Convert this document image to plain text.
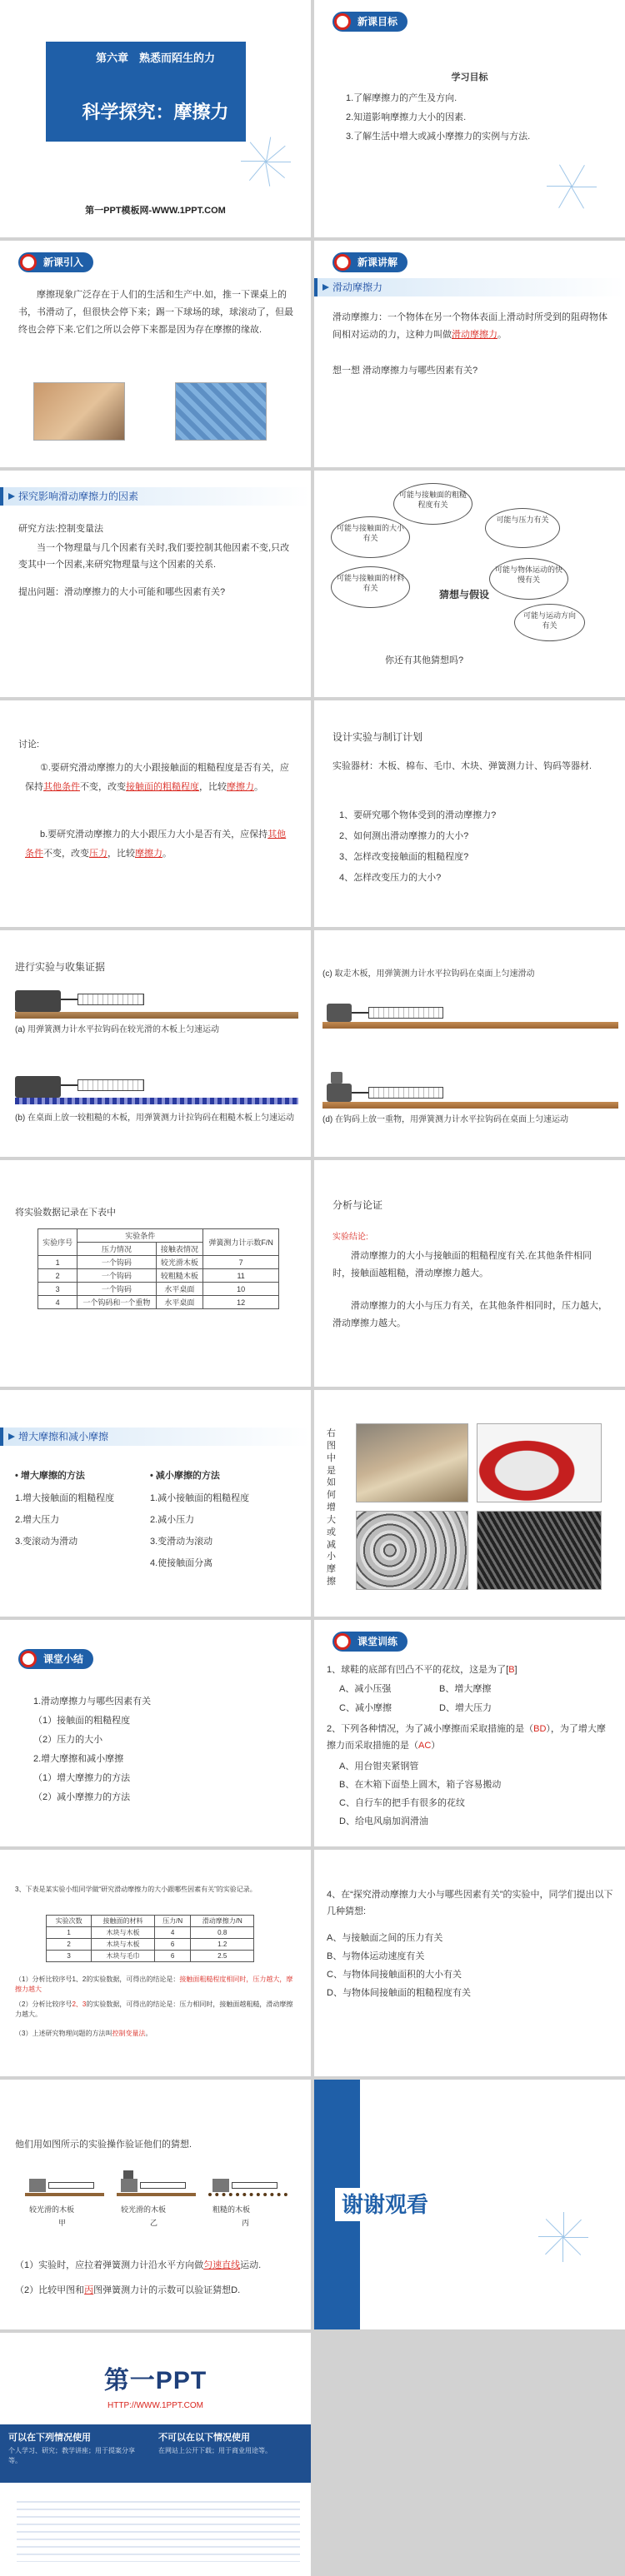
第六章　熟悉而陌生的力
科学探究：摩擦力
第一PPT模板网-WWW.1PPT.COM
新课目标
学习目标
1.了解摩擦力的产生及方向.
2.知道影响摩擦力大小的因素.
3.了解生活中增大或减小摩擦力的实例与方法.
新课引入
摩擦现象广泛存在于人们的生活和生产中.如，推一下课桌上的书，书滑动了，但很快会停下来；踢一下球场的球，球滚动了，但最终也会停下来.它们之所以会停下来都是因为存在摩擦的缘故.
新课讲解
滑动摩擦力
滑动摩擦力：一个物体在另一个物体表面上滑动时所受到的阻碍物体间相对运动的力，这种力叫做滑动摩擦力。
想一想 滑动摩擦力与哪些因素有关?
探究影响滑动摩擦力的因素
研究方法:控制变量法
当一个物理量与几个因素有关时,我们要控制其他因素不变,只改变其中一个因素,来研究物理量与这个因素的关系.
提出问题：滑动摩擦力的大小可能和哪些因素有关?
可能与接触面的粗糙程度有关
可能与接触面的大小有关
可能与压力有关
可能与接触面的材料有关
可能与物体运动的快慢有关
可能与运动方向有关
猜想与假设
你还有其他猜想吗?
讨论:
①.要研究滑动摩擦力的大小跟接触面的粗糙程度是否有关，应保持其他条件不变，改变接触面的粗糙程度，比较摩擦力。
b.要研究滑动摩擦力的大小跟压力大小是否有关，应保持其他条件不变，改变压力，比较摩擦力。
设计实验与制订计划
实验器材：木板、棉布、毛巾、木块、弹簧测力计、钩码等器材.
1、要研究哪个物体受到的滑动摩擦力?
2、如何测出滑动摩擦力的大小?
3、怎样改变接触面的粗糙程度?
4、怎样改变压力的大小?
进行实验与收集证据
(a) 用弹簧测力计水平拉钩码在较光滑的木板上匀速运动
(b) 在桌面上放一较粗糙的木板，用弹簧测力计拉钩码在粗糙木板上匀速运动
(c) 取走木板，用弹簧测力计水平拉钩码在桌面上匀速滑动
(d) 在钩码上放一重物，用弹簧测力计水平拉钩码在桌面上匀速运动
将实验数据记录在下表中
实验序号	实验条件		弹簧测力计示数F/N
	压力情况	接触表情况	
1	一个钩码	较光滑木板	7
2	一个钩码	较粗糙木板	11
3	一个钩码	水平桌面	10
4	一个钩码和一个重物	水平桌面	12
分析与论证
实验结论:
滑动摩擦力的大小与接触面的粗糙程度有关.在其他条件相同时，接触面越粗糙，滑动摩擦力越大。
滑动摩擦力的大小与压力有关，在其他条件相同时，压力越大，滑动摩擦力越大。
增大摩擦和减小摩擦
• 增大摩擦的方法
1.增大接触面的粗糙程度
2.增大压力
3.变滚动为滑动
• 减小摩擦的方法
1.减小接触面的粗糙程度
2.减小压力
3.变滑动为滚动
4.使接触面分离
右图中是如何增大或减小摩擦
课堂小结
1.滑动摩擦力与哪些因素有关
（1）接触面的粗糙程度
（2）压力的大小
2.增大摩擦和减小摩擦
（1）增大摩擦力的方法
（2）减小摩擦力的方法
课堂训练
1、球鞋的底部有凹凸不平的花纹，这是为了[B]
A、减小压强	B、增大摩擦
C、减小摩擦	D、增大压力
2、下列各种情况，为了减小摩擦而采取措施的是（BD），为了增大摩擦力而采取措施的是（AC）
A、用台钳夹紧钢管
B、在木箱下面垫上圆木，箱子容易搬动
C、自行车的把手有很多的花纹
D、给电风扇加润滑油
3、下表是某实验小组同学做“研究滑动摩擦力的大小跟哪些因素有关”的实验记录。
实验次数	接触面的材料	压力/N	滑动摩擦力/N
1	木块与木板	4	0.8
2	木块与木板	6	1.2
3	木块与毛巾	6	2.5
（1）分析比较序号1、2的实验数据，可得出的结论是：接触面粗糙程度相同时，压力越大，摩擦力越大
（2）分析比较序号2、3的实验数据，可得出的结论是：压力相同时，接触面越粗糙，滑动摩擦力越大。
（3）上述研究物理问题的方法叫控制变量法。
4、在“探究滑动摩擦力大小与哪些因素有关”的实验中，同学们提出以下几种猜想:
A、与接触面之间的压力有关
B、与物体运动速度有关
C、与物体间接触面积的大小有关
D、与物体间接触面的粗糙程度有关
他们用如图所示的实验操作验证他们的猜想.
较光滑的木板	较光滑的木板	粗糙的木板
甲	乙	丙
（1）实验时，应拉着弹簧测力计沿水平方向做匀速直线运动.
（2）比较甲图和丙图弹簧测力计的示数可以验证猜想D.
谢谢观看
第一PPT
HTTP://WWW.1PPT.COM
可以在下列情况使用
个人学习、研究；教学讲座；用于提案分享等。
不可以在以下情况使用
在网站上公开下载；用于商业用途等。
